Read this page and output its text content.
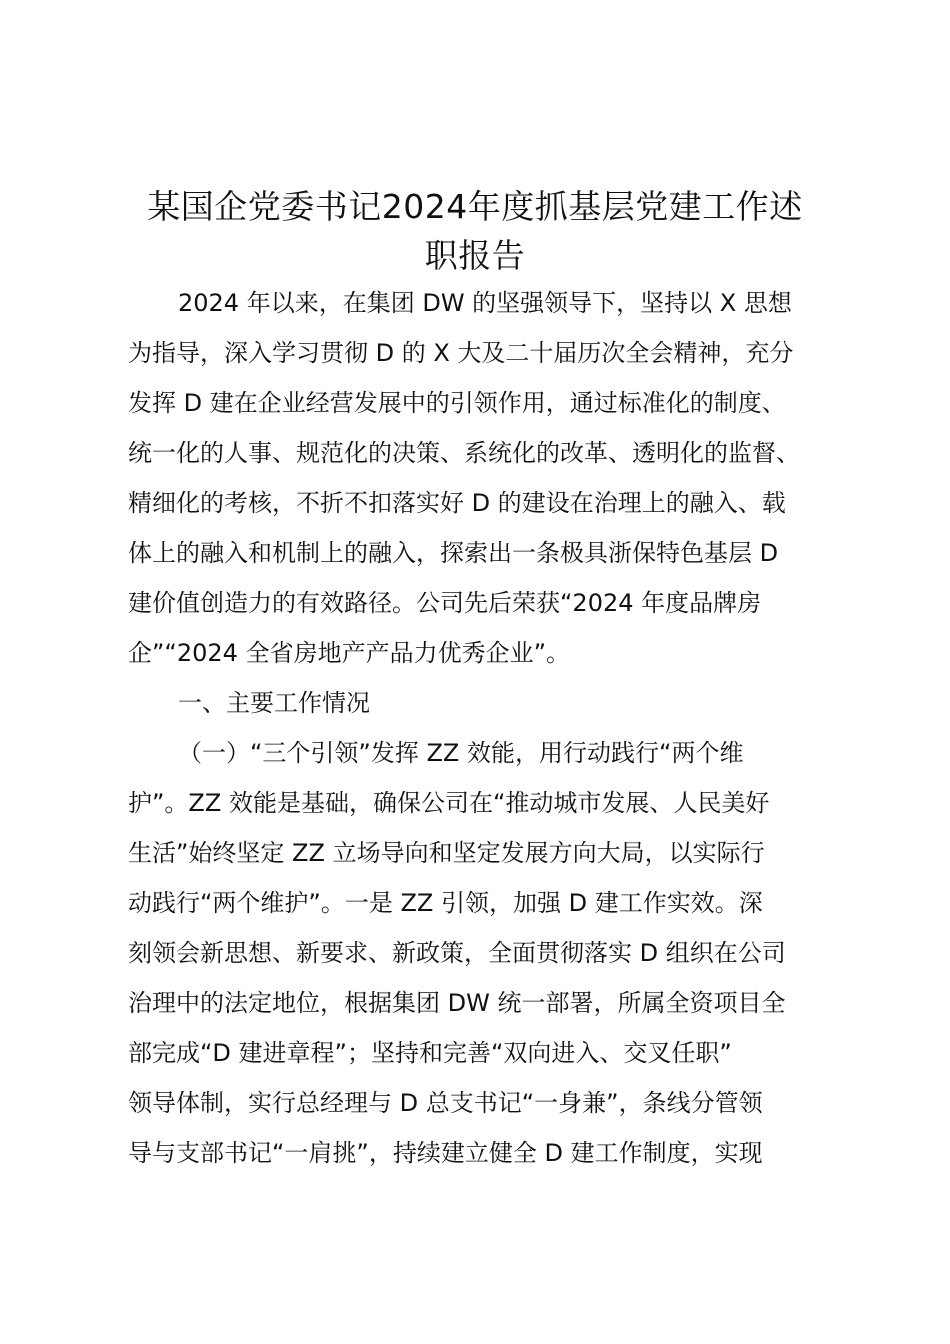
某国企党委书记2024年度抓基层党建工作述
职报告
2024 年以来，在集团 DW 的坚强领导下，坚持以 X 思想
为指导，深入学习贯彻 D 的 X 大及二十届历次全会精神，充分
发挥 D 建在企业经营发展中的引领作用，通过标准化的制度、
统一化的人事、规范化的决策、系统化的改革、透明化的监督、
精细化的考核，不折不扣落实好 D 的建设在治理上的融入、载
体上的融入和机制上的融入，探索出一条极具浙保特色基层 D
建价值创造力的有效路径。公司先后荣获“2024 年度品牌房
企”“2024 全省房地产产品力优秀企业”。
一、主要工作情况
（一）“三个引领”发挥 ZZ 效能，用行动践行“两个维
护”。ZZ 效能是基础，确保公司在“推动城市发展、人民美好
生活”始终坚定 ZZ 立场导向和坚定发展方向大局，以实际行
动践行“两个维护”。一是 ZZ 引领，加强 D 建工作实效。深
刻领会新思想、新要求、新政策，全面贯彻落实 D 组织在公司
治理中的法定地位，根据集团 DW 统一部署，所属全资项目全
部完成“D 建进章程”；坚持和完善“双向进入、交叉任职”
领导体制，实行总经理与 D 总支书记“一身兼”，条线分管领
导与支部书记“一肩挑”，持续建立健全 D 建工作制度，实现
